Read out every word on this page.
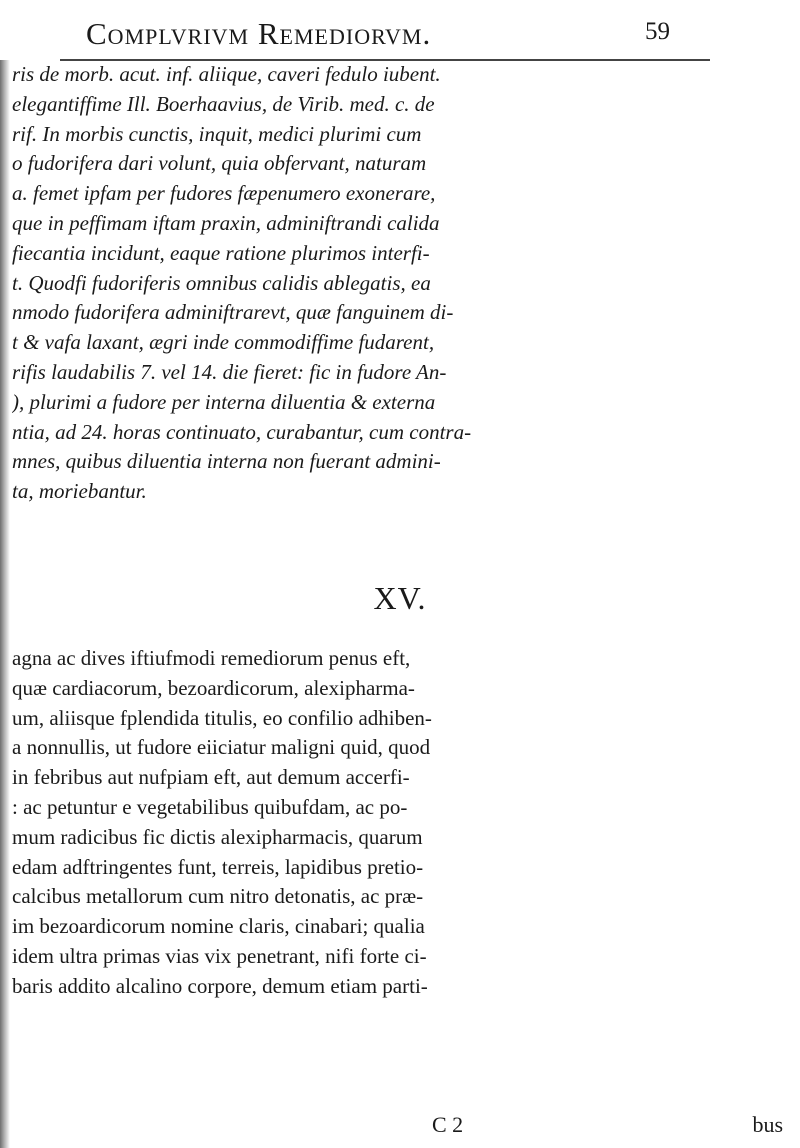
Complvrivm Remediorvm.	59
ris de morb. acut. inf. aliique, caveri fedulo iubent.
elegantiffime Ill. Boerhaavius, de Virib. med. c. de
rif. In morbis cunctis, inquit, medici plurimi cum
o fudorifera dari volunt, quia obfervant, naturam
a. femet ipfam per fudores fæpenumero exonerare,
que in peffimam iftam praxin, adminiftrandi calida
fiecantia incidunt, eaque ratione plurimos interfi-
t. Quodfi fudoriferis omnibus calidis ablegatis, ea
nmodo fudorifera adminiftrarevt, quæ fanguinem di-
t & vafa laxant, ægri inde commodiffime fudarent,
rifis laudabilis 7. vel 14. die fieret: fic in fudore An-
), plurimi a fudore per interna diluentia & externa
ntia, ad 24. horas continuato, curabantur, cum contra-
mnes, quibus diluentia interna non fuerant admini-
ta, moriebantur.
XV.
agna ac dives iftiufmodi remediorum penus eft,
quæ cardiacorum, bezoardicorum, alexipharma-
um, aliisque fplendida titulis, eo confilio adhiben-
a nonnullis, ut fudore eiiciatur maligni quid, quod
in febribus aut nufpiam eft, aut demum accerfi-
: ac petuntur e vegetabilibus quibufdam, ac po-
mum radicibus fic dictis alexipharmacis, quarum
edam adftringentes funt, terreis, lapidibus pretio-
calcibus metallorum cum nitro detonatis, ac præ-
im bezoardicorum nomine claris, cinabari; qualia
idem ultra primas vias vix penetrant, nifi forte ci-
baris addito alcalino corpore, demum etiam parti-
C 2	bus
